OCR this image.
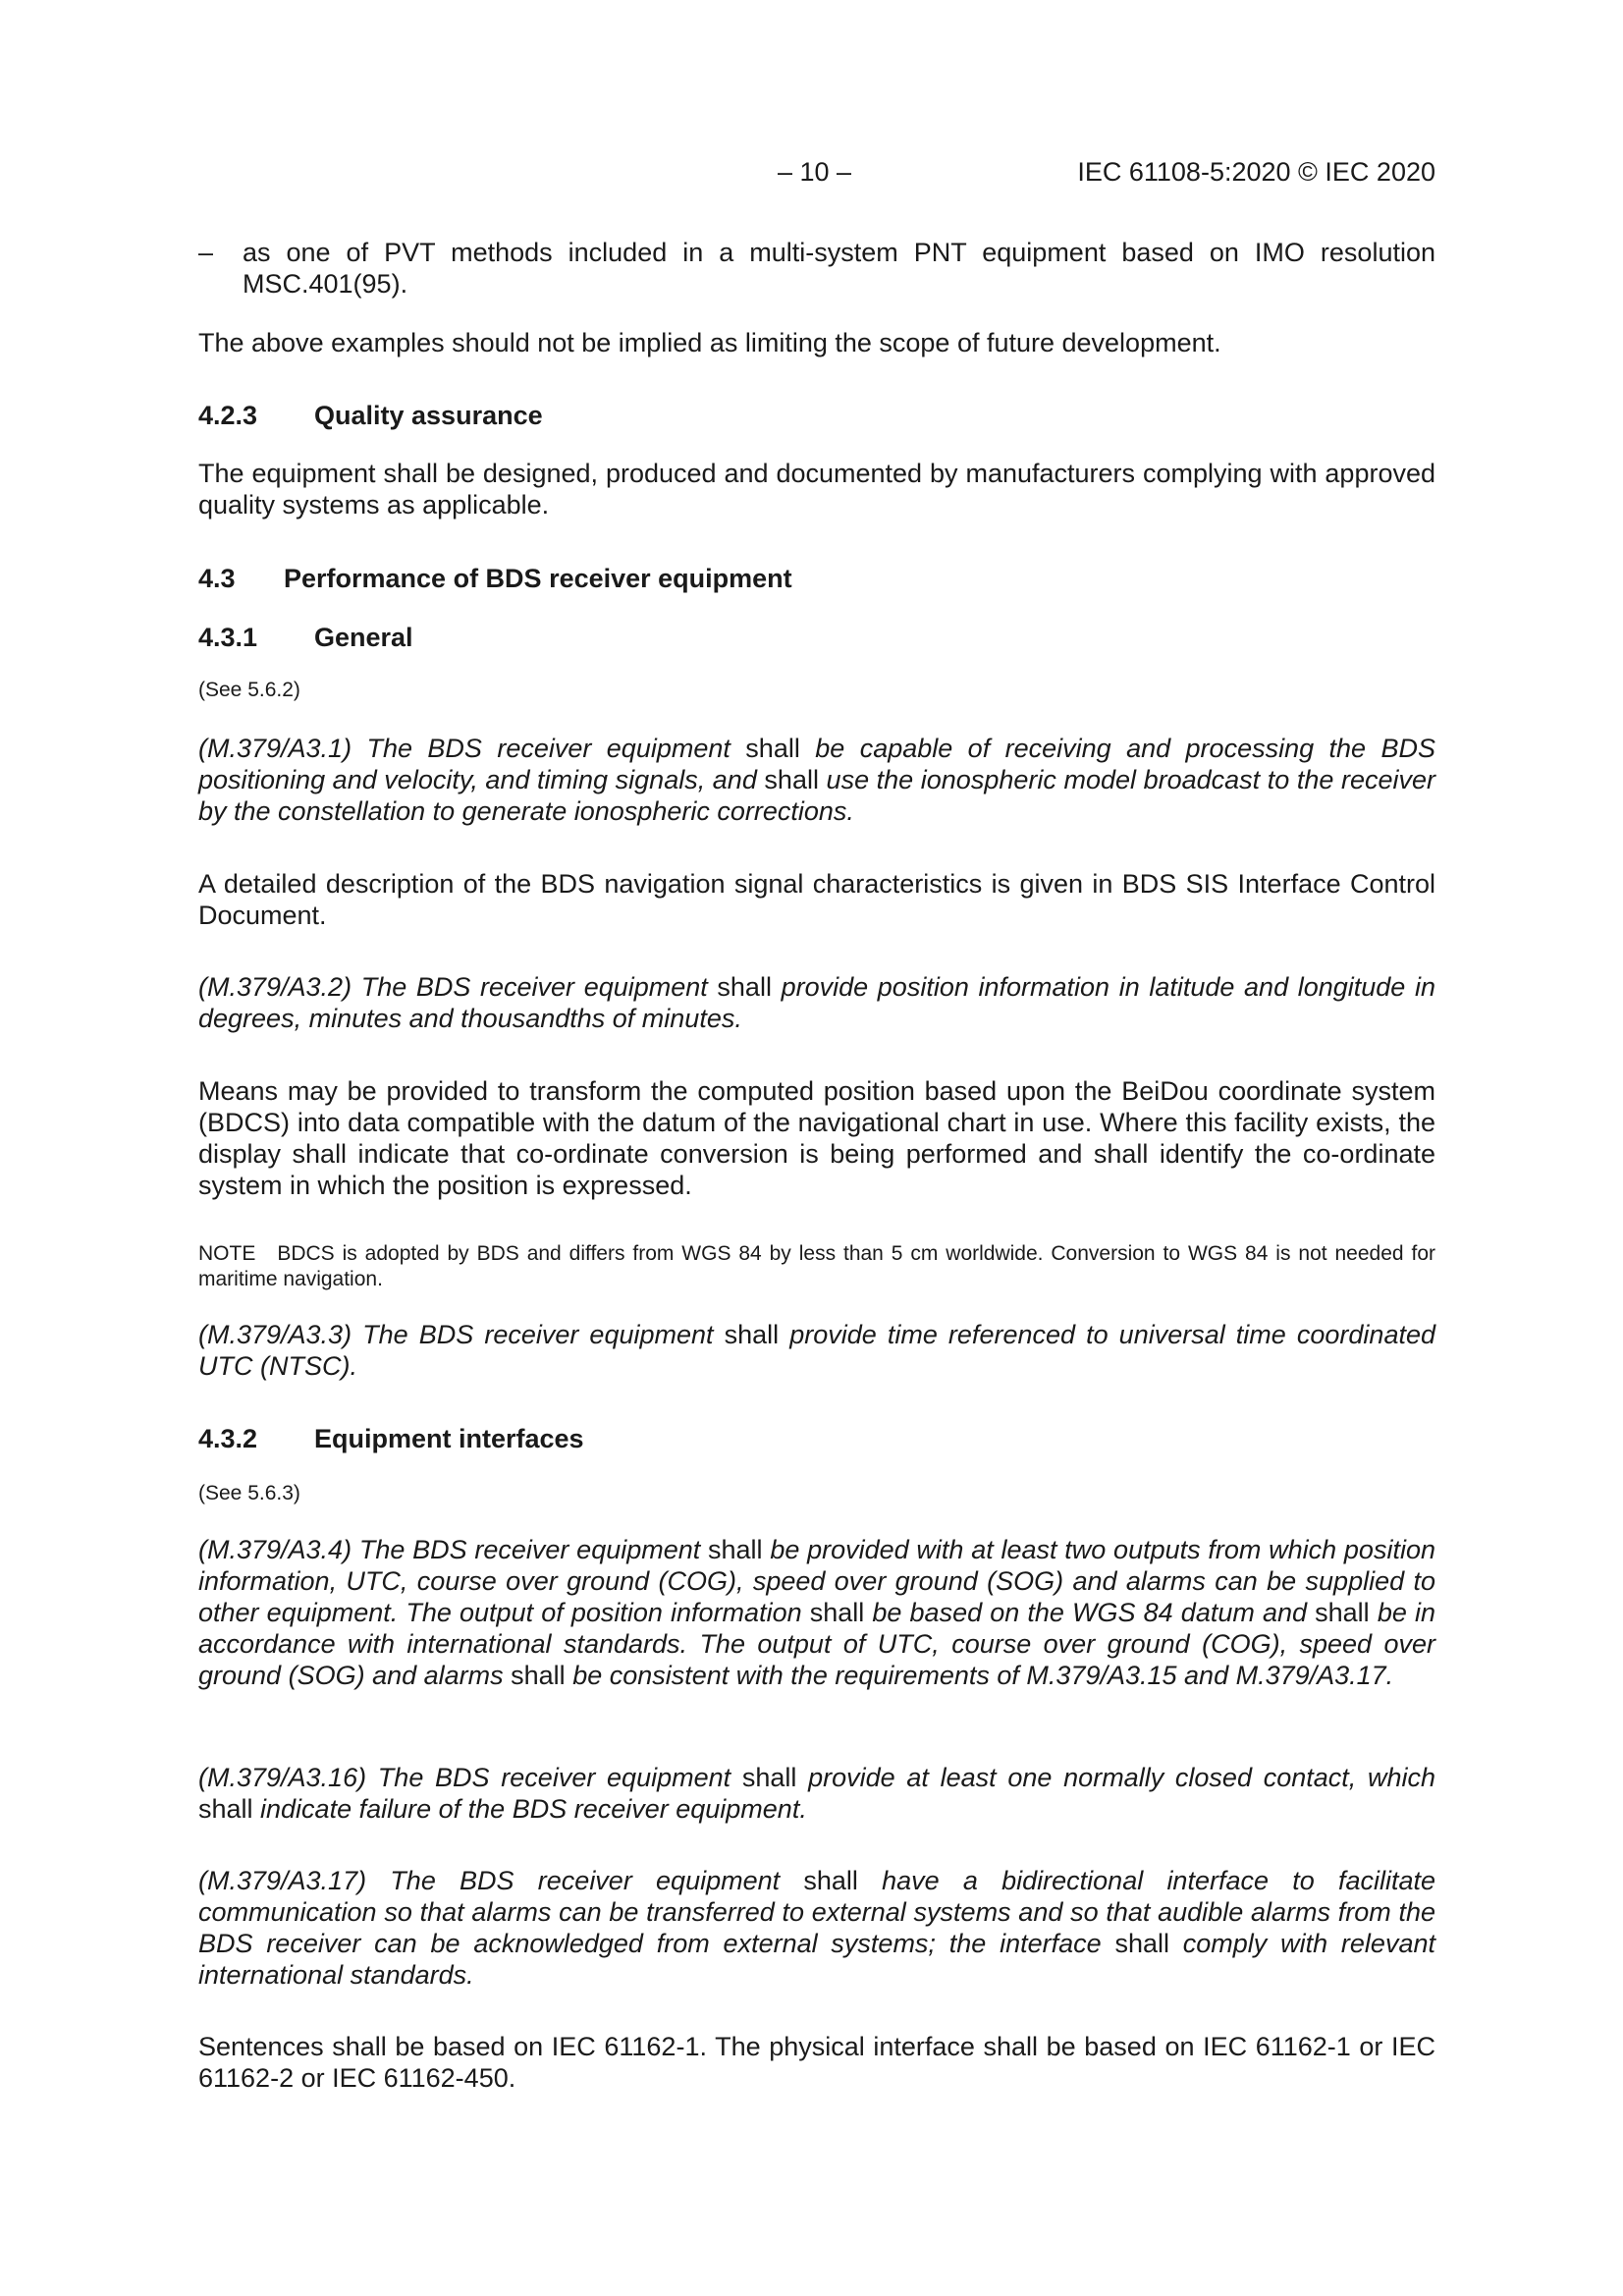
– 10 –	IEC 61108-5:2020 © IEC 2020

– as one of PVT methods included in a multi-system PNT equipment based on IMO resolution MSC.401(95).

The above examples should not be implied as limiting the scope of future development.

4.2.3 Quality assurance

The equipment shall be designed, produced and documented by manufacturers complying with approved quality systems as applicable.

4.3 Performance of BDS receiver equipment
4.3.1 General

(See 5.6.2)

(M.379/A3.1) The BDS receiver equipment shall be capable of receiving and processing the BDS positioning and velocity, and timing signals, and shall use the ionospheric model broadcast to the receiver by the constellation to generate ionospheric corrections.

A detailed description of the BDS navigation signal characteristics is given in BDS SIS Interface Control Document.

(M.379/A3.2) The BDS receiver equipment shall provide position information in latitude and longitude in degrees, minutes and thousandths of minutes.

Means may be provided to transform the computed position based upon the BeiDou coordinate system (BDCS) into data compatible with the datum of the navigational chart in use. Where this facility exists, the display shall indicate that co-ordinate conversion is being performed and shall identify the co-ordinate system in which the position is expressed.

NOTE BDCS is adopted by BDS and differs from WGS 84 by less than 5 cm worldwide. Conversion to WGS 84 is not needed for maritime navigation.

(M.379/A3.3) The BDS receiver equipment shall provide time referenced to universal time coordinated UTC (NTSC).

4.3.2 Equipment interfaces

(See 5.6.3)

(M.379/A3.4) The BDS receiver equipment shall be provided with at least two outputs from which position information, UTC, course over ground (COG), speed over ground (SOG) and alarms can be supplied to other equipment. The output of position information shall be based on the WGS 84 datum and shall be in accordance with international standards. The output of UTC, course over ground (COG), speed over ground (SOG) and alarms shall be consistent with the requirements of M.379/A3.15 and M.379/A3.17.

(M.379/A3.16) The BDS receiver equipment shall provide at least one normally closed contact, which shall indicate failure of the BDS receiver equipment.

(M.379/A3.17) The BDS receiver equipment shall have a bidirectional interface to facilitate communication so that alarms can be transferred to external systems and so that audible alarms from the BDS receiver can be acknowledged from external systems; the interface shall comply with relevant international standards.

Sentences shall be based on IEC 61162-1. The physical interface shall be based on IEC 61162-1 or IEC 61162-2 or IEC 61162-450.
